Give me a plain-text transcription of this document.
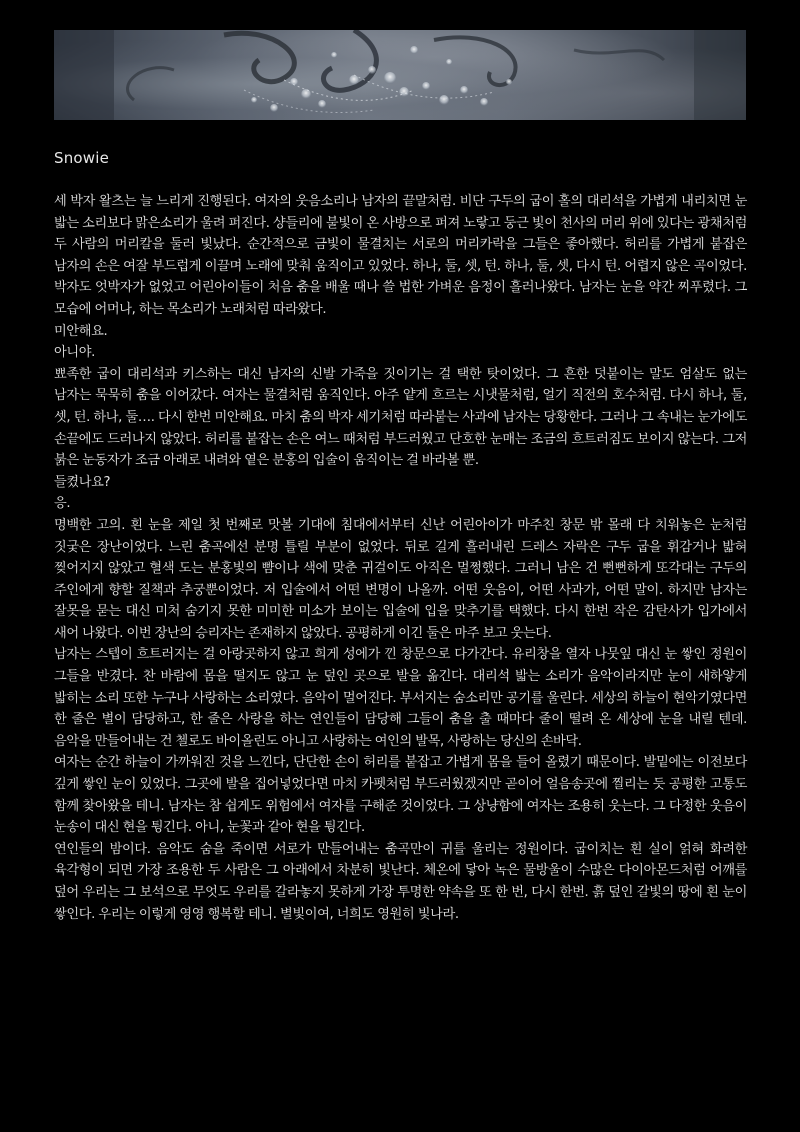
Snowie

세 박자 왈츠는 늘 느리게 진행된다. 여자의 웃음소리나 남자의 끝말처럼. 비단 구두의 굽이 홀의 대리석을 가볍게 내리치면 눈 밟는 소리보다 맑은소리가 울려 퍼진다. 샹들리에 불빛이 온 사방으로 퍼져 노랗고 둥근 빛이 천사의 머리 위에 있다는 광채처럼 두 사람의 머리칼을 둘러 빛났다. 순간적으로 금빛이 물결치는 서로의 머리카락을 그들은 좋아했다. 허리를 가볍게 붙잡은 남자의 손은 여잘 부드럽게 이끌며 노래에 맞춰 움직이고 있었다. 하나, 둘, 셋, 턴. 하나, 둘, 셋, 다시 턴. 어렵지 않은 곡이었다. 박자도 엇박자가 없었고 어린아이들이 처음 춤을 배울 때나 쓸 법한 가벼운 음정이 흘러나왔다. 남자는 눈을 약간 찌푸렸다. 그 모습에 어머나, 하는 목소리가 노래처럼 따라왔다.

미안해요.

아니야.

뾰족한 굽이 대리석과 키스하는 대신 남자의 신발 가죽을 짓이기는 걸 택한 탓이었다. 그 흔한 덧붙이는 말도 엄살도 없는 남자는 묵묵히 춤을 이어갔다. 여자는 물결처럼 움직인다. 아주 얕게 흐르는 시냇물처럼, 얼기 직전의 호수처럼. 다시 하나, 둘, 셋, 턴. 하나, 둘…. 다시 한번 미안해요. 마치 춤의 박자 세기처럼 따라붙는 사과에 남자는 당황한다. 그러나 그 속내는 눈가에도 손끝에도 드러나지 않았다. 허리를 붙잡는 손은 여느 때처럼 부드러웠고 단호한 눈매는 조금의 흐트러짐도 보이지 않는다. 그저 붉은 눈동자가 조금 아래로 내려와 옅은 분홍의 입술이 움직이는 걸 바라볼 뿐.

들켰나요?

응.

명백한 고의. 흰 눈을 제일 첫 번째로 맛볼 기대에 침대에서부터 신난 어린아이가 마주친 창문 밖 몰래 다 치워놓은 눈처럼 짓궂은 장난이었다. 느린 춤곡에선 분명 틀릴 부분이 없었다. 뒤로 길게 흘러내린 드레스 자락은 구두 굽을 휘감거나 밟혀 찢어지지 않았고 혈색 도는 분홍빛의 뺨이나 색에 맞춘 귀걸이도 아직은 멀쩡했다. 그러니 남은 건 뻔뻔하게 또각대는 구두의 주인에게 향할 질책과 추궁뿐이었다. 저 입술에서 어떤 변명이 나올까. 어떤 웃음이, 어떤 사과가, 어떤 말이. 하지만 남자는 잘못을 묻는 대신 미처 숨기지 못한 미미한 미소가 보이는 입술에 입을 맞추기를 택했다. 다시 한번 작은 감탄사가 입가에서 새어 나왔다. 이번 장난의 승리자는 존재하지 않았다. 공평하게 이긴 둘은 마주 보고 웃는다.

남자는 스텝이 흐트러지는 걸 아랑곳하지 않고 희게 성에가 낀 창문으로 다가간다. 유리창을 열자 나뭇잎 대신 눈 쌓인 정원이 그들을 반겼다. 찬 바람에 몸을 떨지도 않고 눈 덮인 곳으로 발을 옮긴다. 대리석 밟는 소리가 음악이라지만 눈이 새하얗게 밟히는 소리 또한 누구나 사랑하는 소리였다. 음악이 멀어진다. 부서지는 숨소리만 공기를 울린다. 세상의 하늘이 현악기였다면 한 줄은 별이 담당하고, 한 줄은 사랑을 하는 연인들이 담당해 그들이 춤을 출 때마다 줄이 떨려 온 세상에 눈을 내릴 텐데. 음악을 만들어내는 건 첼로도 바이올린도 아니고 사랑하는 여인의 발목, 사랑하는 당신의 손바닥.

여자는 순간 하늘이 가까워진 것을 느낀다, 단단한 손이 허리를 붙잡고 가볍게 몸을 들어 올렸기 때문이다. 발밑에는 이전보다 깊게 쌓인 눈이 있었다. 그곳에 발을 집어넣었다면 마치 카펫처럼 부드러웠겠지만 곧이어 얼음송곳에 찔리는 듯 공평한 고통도 함께 찾아왔을 테니. 남자는 참 쉽게도 위험에서 여자를 구해준 것이었다. 그 상냥함에 여자는 조용히 웃는다. 그 다정한 웃음이 눈송이 대신 현을 튕긴다. 아니, 눈꽃과 같아 현을 튕긴다.

연인들의 밤이다. 음악도 숨을 죽이면 서로가 만들어내는 춤곡만이 귀를 울리는 정원이다. 굽이치는 흰 실이 얽혀 화려한 육각형이 되면 가장 조용한 두 사람은 그 아래에서 차분히 빛난다. 체온에 닿아 녹은 물방울이 수많은 다이아몬드처럼 어깨를 덮어 우리는 그 보석으로 무엇도 우리를 갈라놓지 못하게 가장 투명한 약속을 또 한 번, 다시 한번. 흙 덮인 갈빛의 땅에 흰 눈이 쌓인다. 우리는 이렇게 영영 행복할 테니. 별빛이여, 너희도 영원히 빛나라.
